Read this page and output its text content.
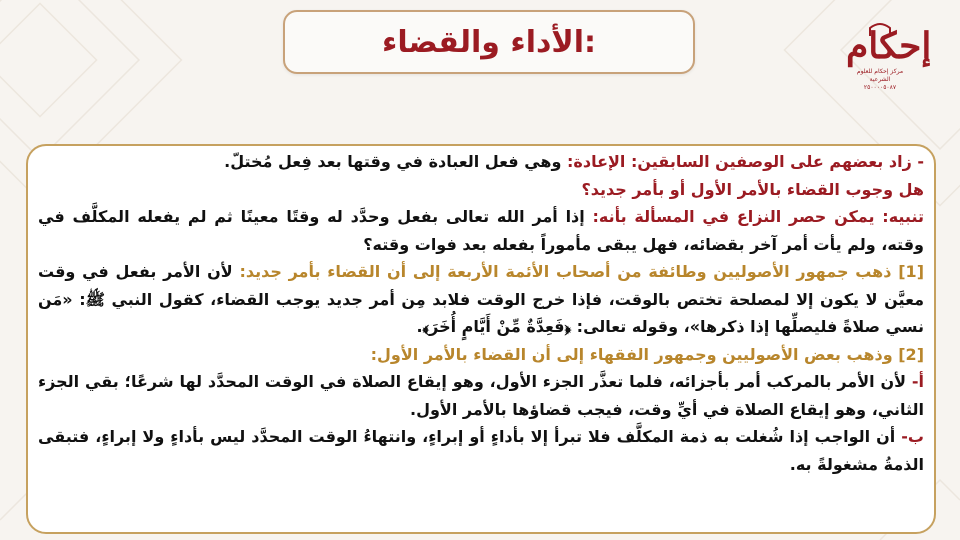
الأداء والقضاء:	إحكام
مركز إحكام للعلوم الشرعية
٢٥٠٠٠٠٥٠٨٧

- زاد بعضهم على الوصفين السابقين: الإعادة: وهي فعل العبادة في وقتها بعد فِعل مُختلّ.

هل وجوب القضاء بالأمر الأول أو بأمر جديد؟

تنبيه: يمكن حصر النزاع في المسألة بأنه: إذا أمر الله تعالى بفعل وحدَّد له وقتًا معينًا ثم لم يفعله المكلَّف في وقته، ولم يأت أمر آخر بقضائه، فهل يبقى مأموراً بفعله بعد فوات وقته؟

[1] ذهب جمهور الأصوليين وطائفة من أصحاب الأئمة الأربعة إلى أن القضاء بأمر جديد: لأن الأمر بفعل في وقت معيَّن لا يكون إلا لمصلحة تختص بالوقت، فإذا خرج الوقت فلابد مِن أمر جديد يوجب القضاء، كقول النبي ﷺ: «مَن نسي صلاةً فليصلِّها إذا ذكرها»، وقوله تعالى: ﴿فَعِدَّةٌ مِّنْ أَيَّامٍ أُخَرَ﴾.

[2] وذهب بعض الأصوليين وجمهور الفقهاء إلى أن القضاء بالأمر الأول:

أ- لأن الأمر بالمركب أمر بأجزائه، فلما تعذَّر الجزء الأول، وهو إيقاع الصلاة في الوقت المحدَّد لها شرعًا؛ بقي الجزء الثاني، وهو إيقاع الصلاة في أيِّ وقت، فيجب قضاؤها بالأمر الأول.

ب- أن الواجب إذا شُغلت به ذمة المكلَّف فلا تبرأ إلا بأداءٍ أو إبراءٍ، وانتهاءُ الوقت المحدَّد ليس بأداءٍ ولا إبراءٍ، فتبقى الذمةُ مشغولةً به.
